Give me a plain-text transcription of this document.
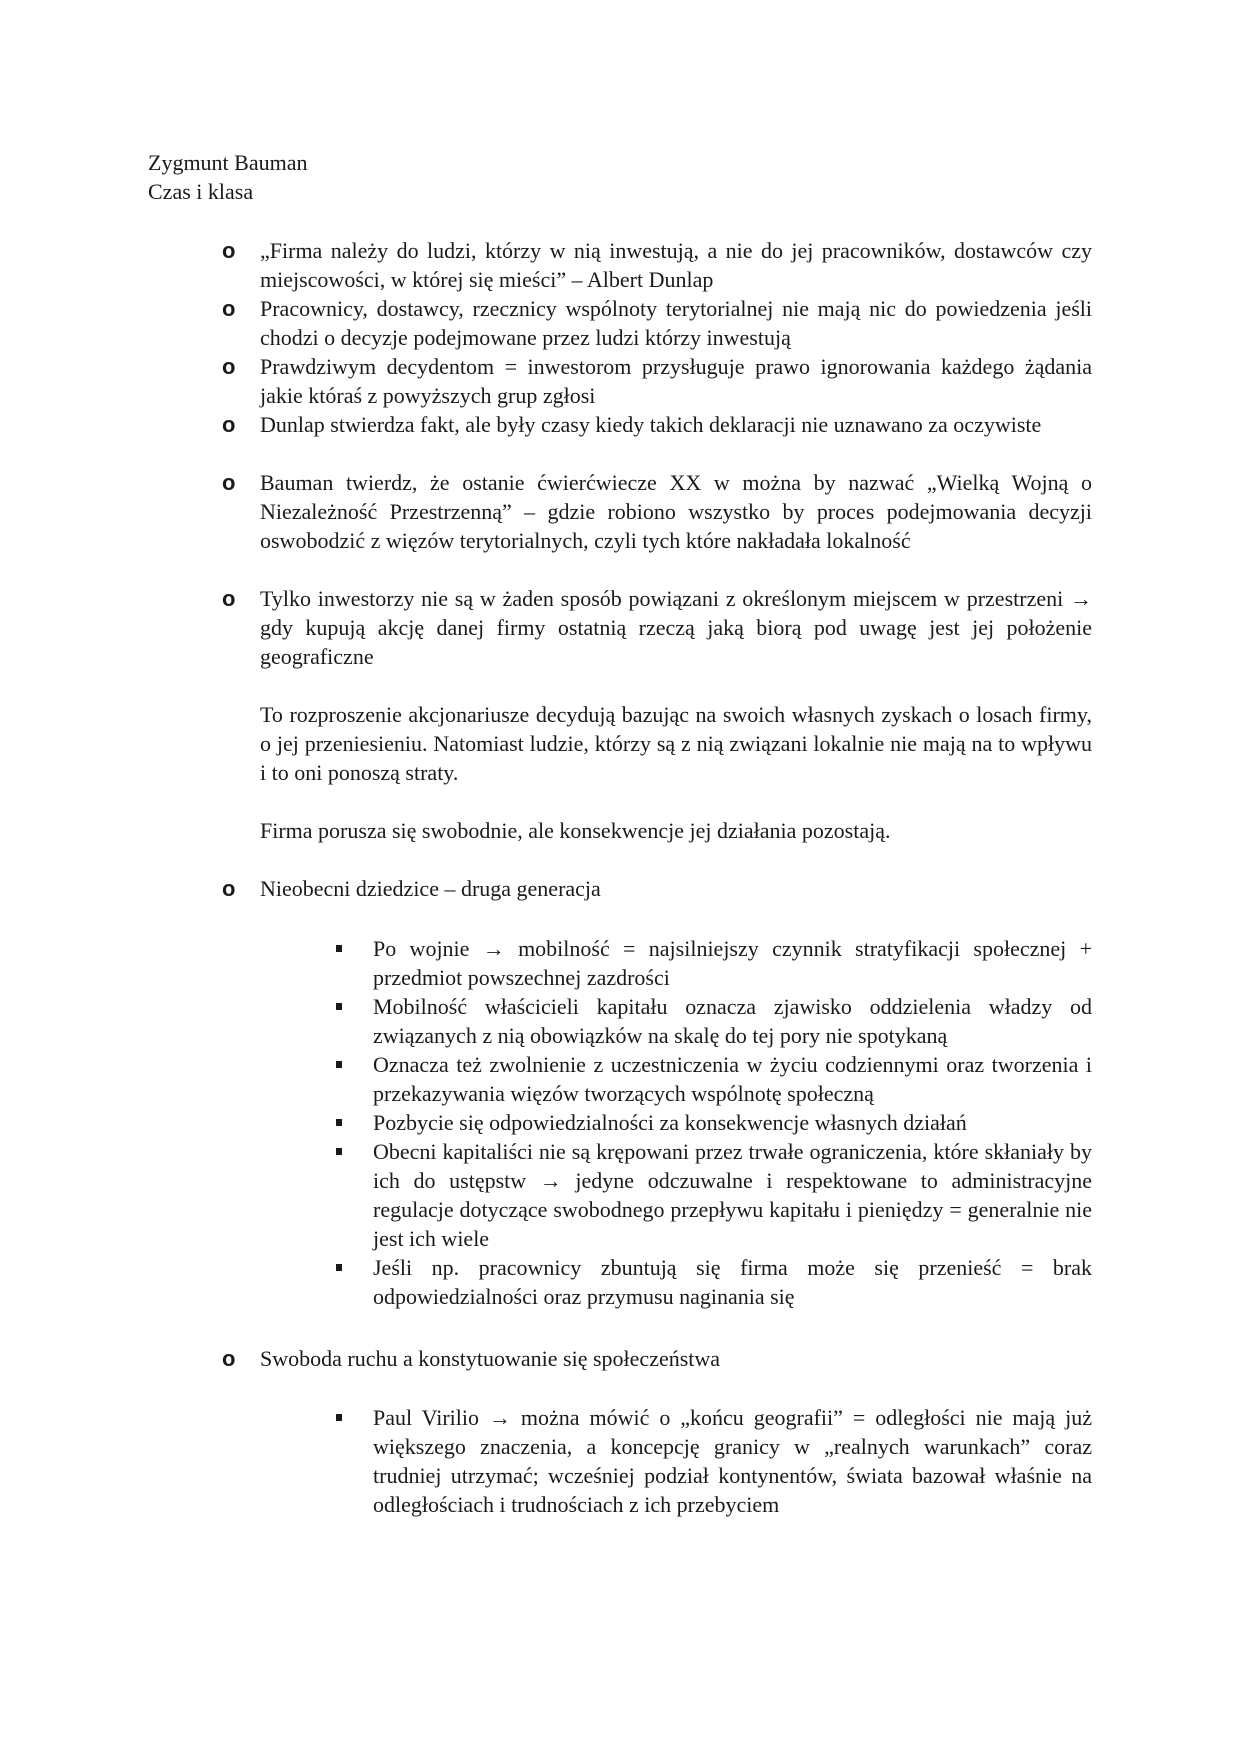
Zygmunt Bauman
Czas i klasa
o „Firma należy do ludzi, którzy w nią inwestują, a nie do jej pracowników, dostawców czy miejscowości, w której się mieści” – Albert Dunlap
o Pracownicy, dostawcy, rzecznicy wspólnoty terytorialnej nie mają nic do powiedzenia jeśli chodzi o decyzje podejmowane przez ludzi którzy inwestują
o Prawdziwym decydentom = inwestorom przysługuje prawo ignorowania każdego żądania jakie któraś z powyższych grup zgłosi
o Dunlap stwierdza fakt, ale były czasy kiedy takich deklaracji nie uznawano za oczywiste
o Bauman twierdz, że ostanie ćwierćwiecze XX w można by nazwać „Wielką Wojną o Niezależność Przestrzenną” – gdzie robiono wszystko by proces podejmowania decyzji oswobodzić z więzów terytorialnych, czyli tych które nakładała lokalność
o Tylko inwestorzy nie są w żaden sposób powiązani z określonym miejscem w przestrzeni → gdy kupują akcję danej firmy ostatnią rzeczą jaką biorą pod uwagę jest jej położenie geograficzne
To rozproszenie akcjonariusze decydują bazując na swoich własnych zyskach o losach firmy, o jej przeniesieniu. Natomiast ludzie, którzy są z nią związani lokalnie nie mają na to wpływu i to oni ponoszą straty.
Firma porusza się swobodnie, ale konsekwencje jej działania pozostają.
o Nieobecni dziedzice – druga generacja
Po wojnie → mobilność = najsilniejszy czynnik stratyfikacji społecznej + przedmiot powszechnej zazdrości
Mobilność właścicieli kapitału oznacza zjawisko oddzielenia władzy od związanych z nią obowiązków na skalę do tej pory nie spotykaną
Oznacza też zwolnienie z uczestniczenia w życiu codziennymi oraz tworzenia i przekazywania więzów tworzących wspólnotę społeczną
Pozbycie się odpowiedzialności za konsekwencje własnych działań
Obecni kapitaliści nie są krępowani przez trwałe ograniczenia, które skłaniały by ich do ustępstw → jedyne odczuwalne i respektowane to administracyjne regulacje dotyczące swobodnego przepływu kapitału i pieniędzy = generalnie nie jest ich wiele
Jeśli np. pracownicy zbuntują się firma może się przenieść = brak odpowiedzialności oraz przymusu naginania się
o Swoboda ruchu a konstytuowanie się społeczeństwa
Paul Virilio → można mówić o „końcu geografii” = odległości nie mają już większego znaczenia, a koncepcję granicy w „realnych warunkach” coraz trudniej utrzymać; wcześniej podział kontynentów, świata bazował właśnie na odległościach i trudnościach z ich przebyciem
